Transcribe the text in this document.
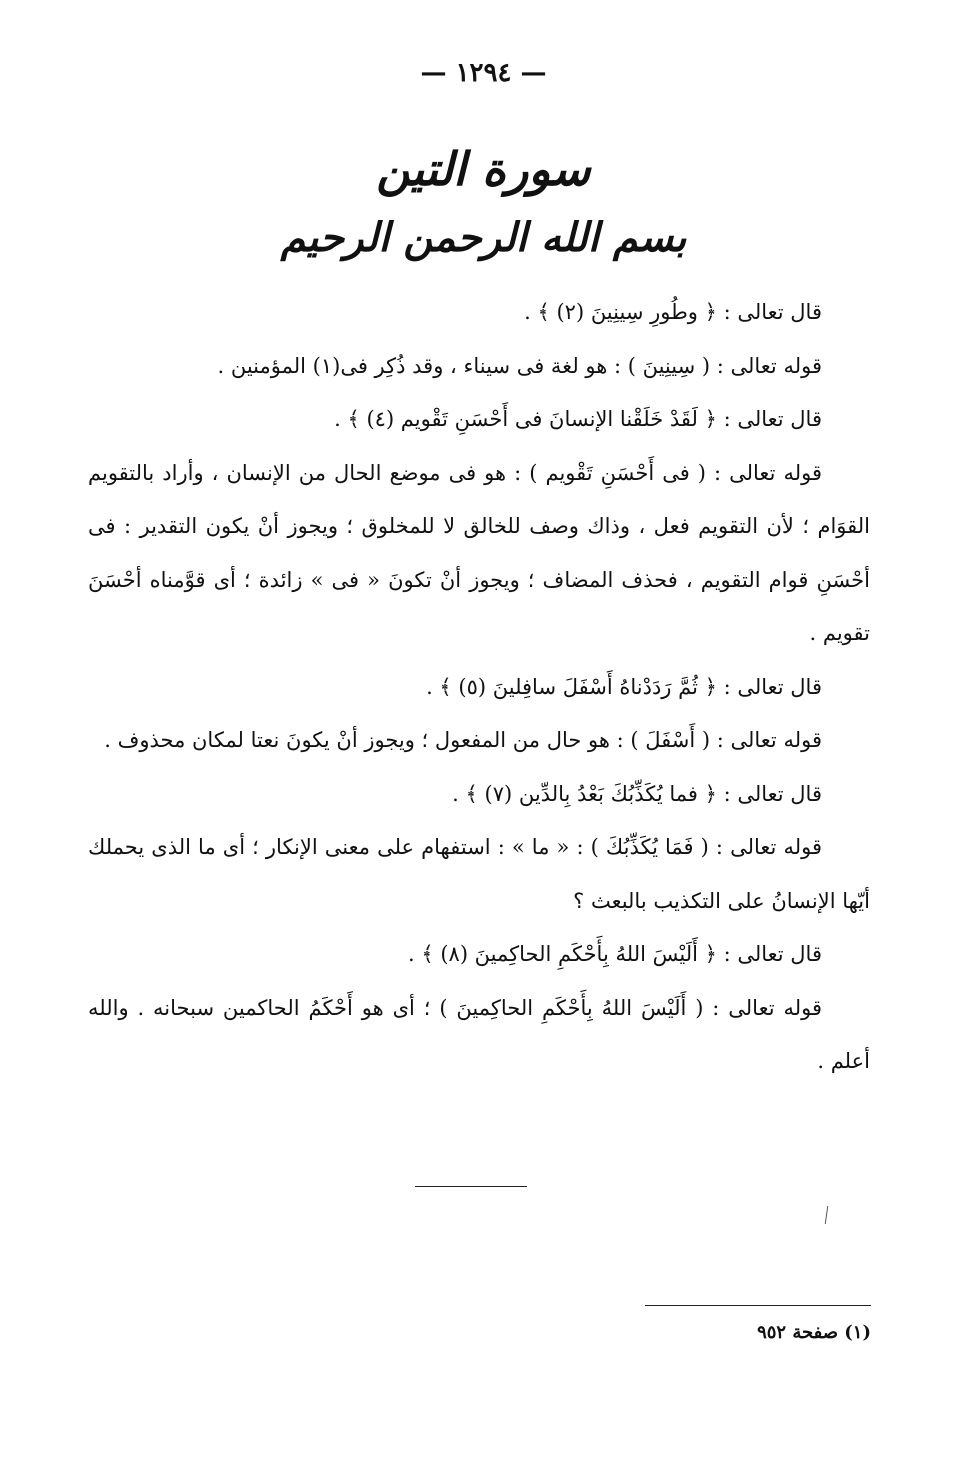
— ١٢٩٤ —
سورة التين
بسم الله الرحمن الرحيم

قال تعالى : ﴿ وطُورِ سِينِينَ (٢) ﴾ .

قوله تعالى : ( سِينِينَ ) : هو لغة فى سيناء ، وقد ذُكِر فى(١) المؤمنين .

قال تعالى : ﴿ لَقَدْ خَلَقْنا الإنسانَ فى أَحْسَنِ تَقْويم (٤) ﴾ .

قوله تعالى : ( فى أَحْسَنِ تَقْويم ) : هو فى موضع الحال من الإنسان ، وأراد بالتقويم القوَام ؛ لأن التقويم فعل ، وذاك وصف للخالق لا للمخلوق ؛ ويجوز أنْ يكون التقدير : فى أحْسَنِ قوام التقويم ، فحذف المضاف ؛ ويجوز أنْ تكونَ « فى » زائدة ؛ أى قوَّمناه أحْسَنَ تقويم .

قال تعالى : ﴿ ثُمَّ رَدَدْناهُ أَسْفَلَ سافِلينَ (٥) ﴾ .

قوله تعالى : ( أَسْفَلَ ) : هو حال من المفعول ؛ ويجوز أنْ يكونَ نعتا لمكان محذوف .

قال تعالى : ﴿ فما يُكَذِّبُكَ بَعْدُ بِالدِّين (٧) ﴾ .

قوله تعالى : ( فَمَا يُكَذِّبُكَ ) : « ما » : استفهام على معنى الإنكار ؛ أى ما الذى يحملك أيّها الإنسانُ على التكذيب بالبعث ؟

قال تعالى : ﴿ أَلَيْسَ اللهُ بِأَحْكَمِ الحاكِمينَ (٨) ﴾ .

قوله تعالى : ( أَلَيْسَ اللهُ بِأَحْكَمِ الحاكِمينَ ) ؛ أى هو أَحْكَمُ الحاكمين سبحانه . والله أعلم .

(١) صفحة ٩٥٢
